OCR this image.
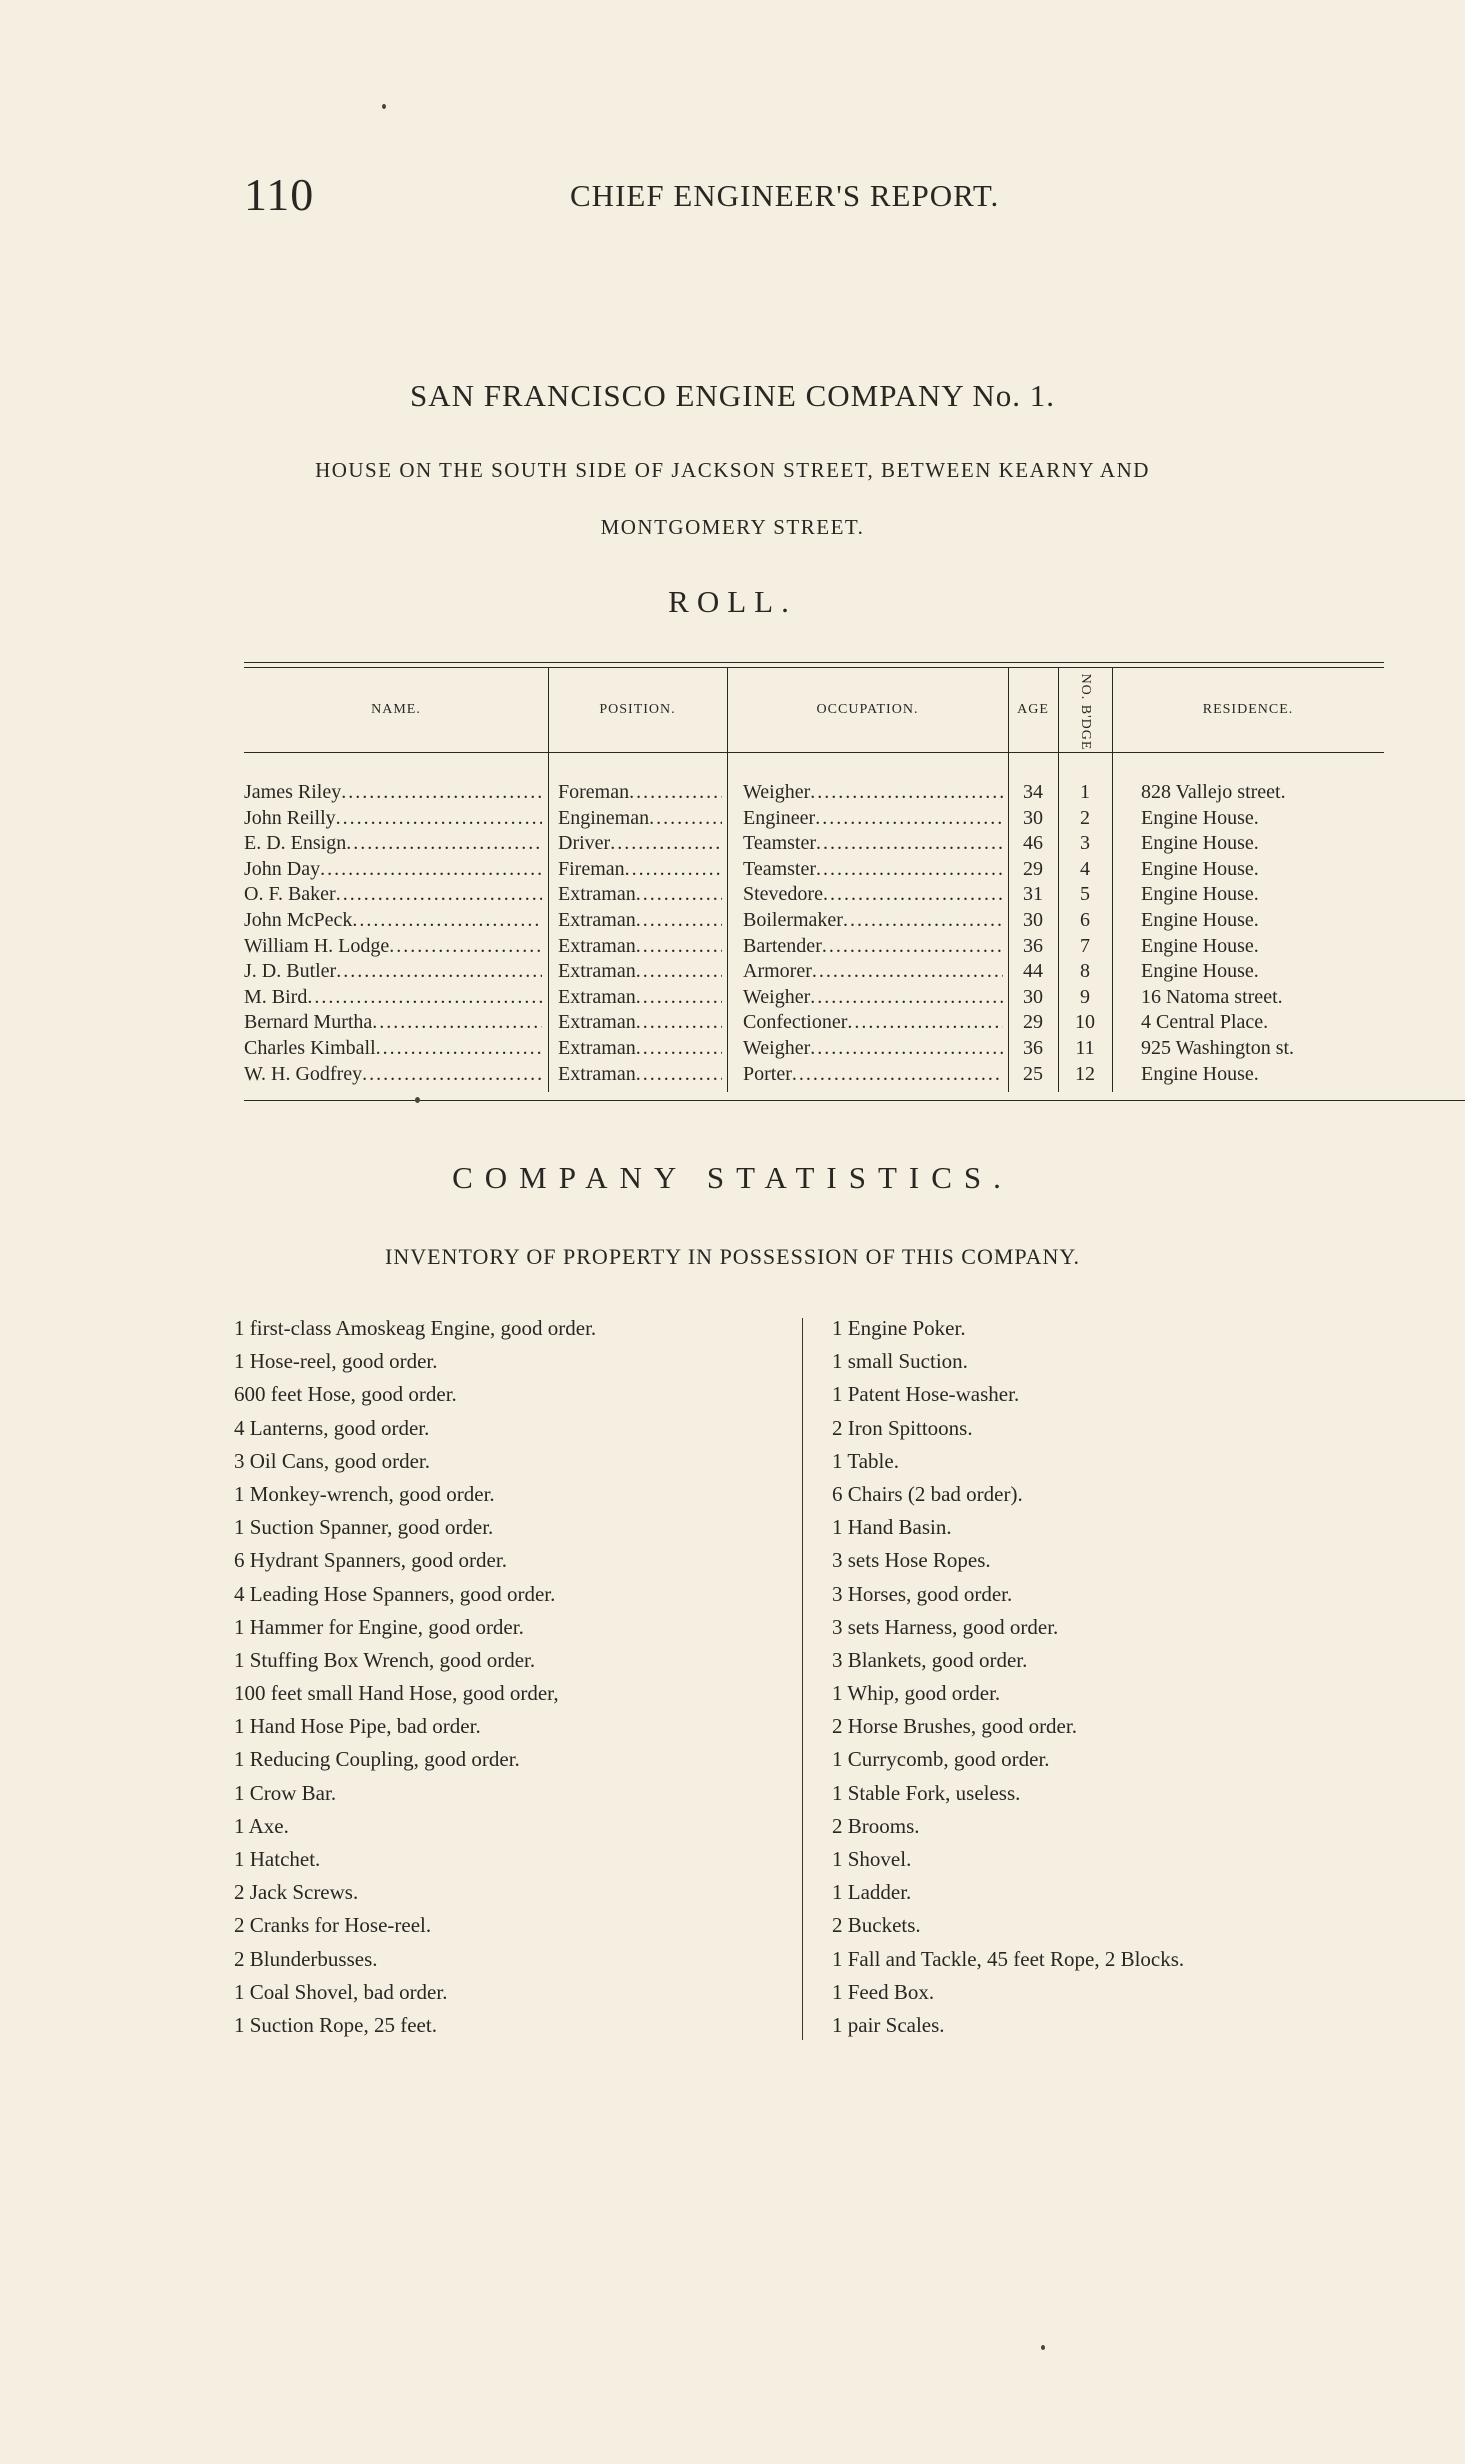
110	CHIEF ENGINEER'S REPORT.
SAN FRANCISCO ENGINE COMPANY No. 1.
HOUSE ON THE SOUTH SIDE OF JACKSON STREET, BETWEEN KEARNY AND
MONTGOMERY STREET.
ROLL.
NAME.	POSITION.	OCCUPATION.	AGE	NO. B'DGE	RESIDENCE.
James Riley . . .	Foreman . . .	Weigher . . .	34	1	828 Vallejo street.
John Reilly . . .	Engineman . . .	Engineer . . .	30	2	Engine House.
E. D. Ensign . . .	Driver . . .	Teamster . . .	46	3	Engine House.
John Day . . .	Fireman . . .	Teamster . . .	29	4	Engine House.
O. F. Baker . . .	Extraman . . .	Stevedore . . .	31	5	Engine House.
John McPeck . . .	Extraman . . .	Boilermaker . . .	30	6	Engine House.
William H. Lodge . . .	Extraman . . .	Bartender . . .	36	7	Engine House.
J. D. Butler . . .	Extraman . . .	Armorer . . .	44	8	Engine House.
M. Bird . . .	Extraman . . .	Weigher . . .	30	9	16 Natoma street.
Bernard Murtha . . .	Extraman . . .	Confectioner . . .	29	10	4 Central Place.
Charles Kimball . . .	Extraman . . .	Weigher . . .	36	11	925 Washington st.
W. H. Godfrey . . .	Extraman . . .	Porter . . .	25	12	Engine House.
COMPANY STATISTICS.
INVENTORY OF PROPERTY IN POSSESSION OF THIS COMPANY.
1 first-class Amoskeag Engine, good order.
1 Hose-reel, good order.
600 feet Hose, good order.
4 Lanterns, good order.
3 Oil Cans, good order.
1 Monkey-wrench, good order.
1 Suction Spanner, good order.
6 Hydrant Spanners, good order.
4 Leading Hose Spanners, good order.
1 Hammer for Engine, good order.
1 Stuffing Box Wrench, good order.
100 feet small Hand Hose, good order,
1 Hand Hose Pipe, bad order.
1 Reducing Coupling, good order.
1 Crow Bar.
1 Axe.
1 Hatchet.
2 Jack Screws.
2 Cranks for Hose-reel.
2 Blunderbusses.
1 Coal Shovel, bad order.
1 Suction Rope, 25 feet.
1 Engine Poker.
1 small Suction.
1 Patent Hose-washer.
2 Iron Spittoons.
1 Table.
6 Chairs (2 bad order).
1 Hand Basin.
3 sets Hose Ropes.
3 Horses, good order.
3 sets Harness, good order.
3 Blankets, good order.
1 Whip, good order.
2 Horse Brushes, good order.
1 Currycomb, good order.
1 Stable Fork, useless.
2 Brooms.
1 Shovel.
1 Ladder.
2 Buckets.
1 Fall and Tackle, 45 feet Rope, 2 Blocks.
1 Feed Box.
1 pair Scales.
